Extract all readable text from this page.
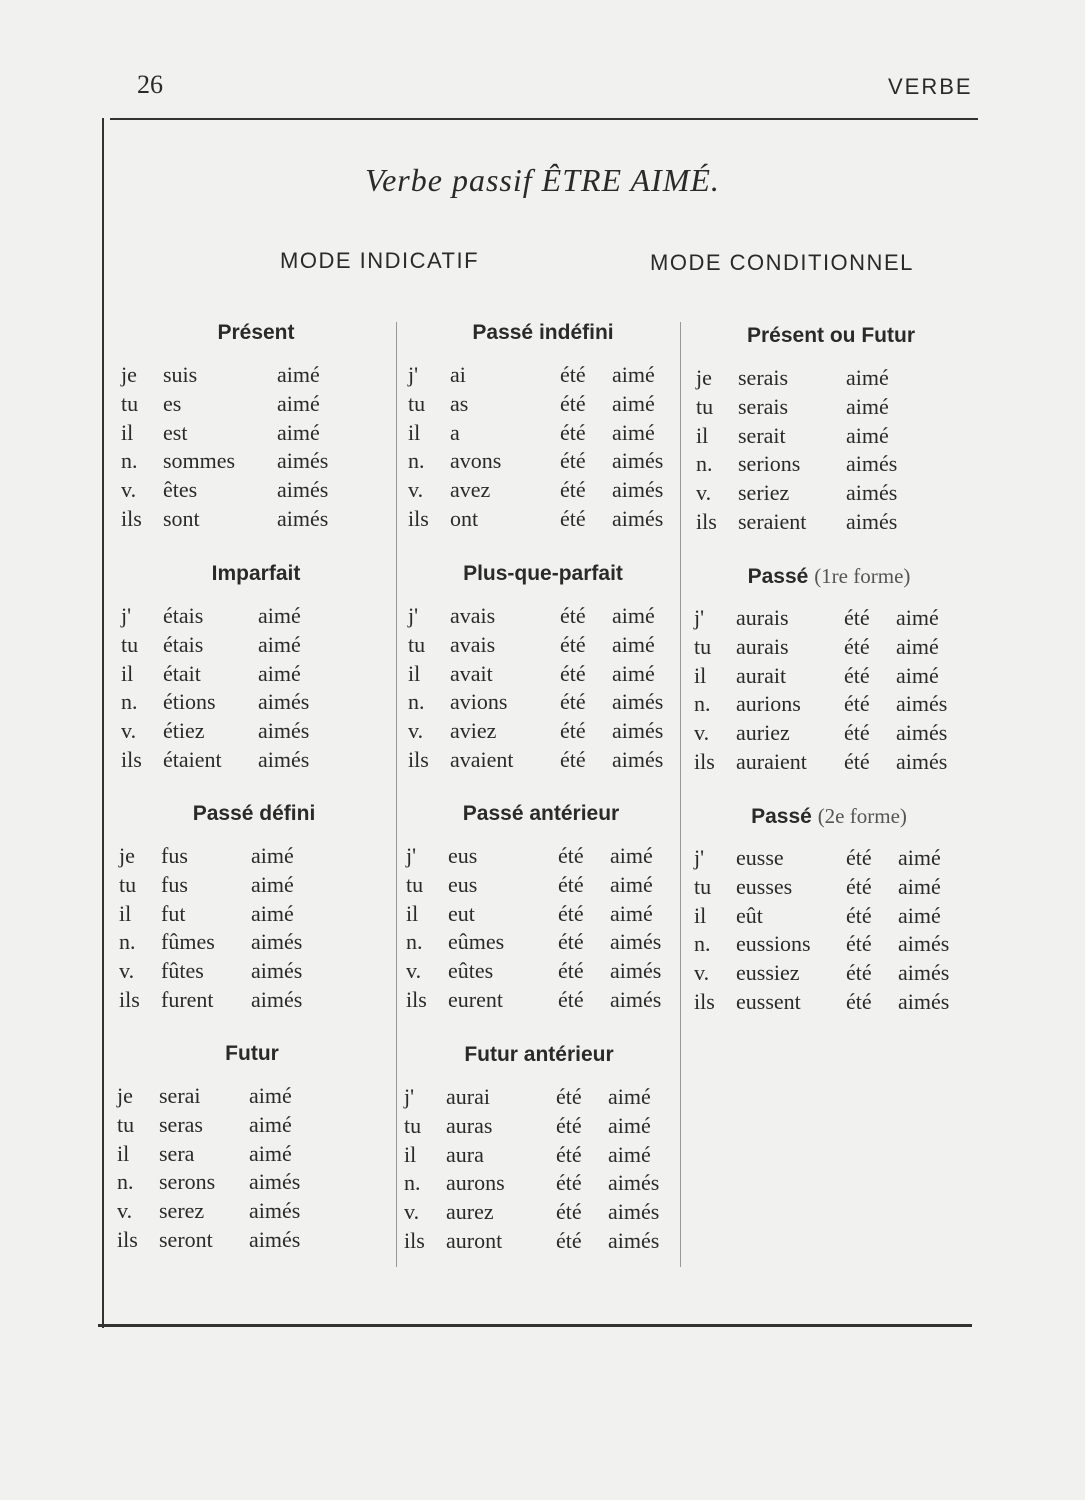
26	VERBE
Verbe passif ÊTRE AIMÉ.
MODE INDICATIF	MODE CONDITIONNEL
Présent
je	suis	aimé
tu	es	aimé
il	est	aimé
n.	sommes	aimés
v.	êtes	aimés
ils sont	aimés
Imparfait
j'	étais	aimé
tu	étais	aimé
il	était	aimé
n.	étions	aimés
v.	étiez	aimés
ils étaient	aimés
Passé défini
je	fus	aimé
tu	fus	aimé
il	fut	aimé
n.	fûmes	aimés
v.	fûtes	aimés
ils furent	aimés
Futur
je	serai	aimé
tu	seras	aimé
il	sera	aimé
n.	serons	aimés
v.	serez	aimés
ils seront	aimés
Passé indéfini
j'	ai	été	aimé
tu	as	été	aimé
il	a	été	aimé
n.	avons	été	aimés
v.	avez	été	aimés
ils ont	été	aimés
Plus-que-parfait
j'	avais	été	aimé
tu	avais	été	aimé
il	avait	été	aimé
n.	avions	été	aimés
v.	aviez	été	aimés
ils avaient	été	aimés
Passé antérieur
j'	eus	été	aimé
tu	eus	été	aimé
il	eut	été	aimé
n.	eûmes	été	aimés
v.	eûtes	été	aimés
ils eurent	été	aimés
Futur antérieur
j'	aurai	été	aimé
tu	auras	été	aimé
il	aura	été	aimé
n.	aurons	été	aimés
v.	aurez	été	aimés
ils auront	été	aimés
Présent ou Futur
je	serais	aimé
tu	serais	aimé
il	serait	aimé
n.	serions	aimés
v.	seriez	aimés
ils seraient	aimés
Passé (1re forme)
j'	aurais	été	aimé
tu	aurais	été	aimé
il	aurait	été	aimé
n.	aurions	été	aimés
v.	auriez	été	aimés
ils auraient	été	aimés
Passé (2e forme)
j'	eusse	été	aimé
tu	eusses	été	aimé
il	eût	été	aimé
n.	eussions	été	aimés
v.	eussiez	été	aimés
ils eussent	été	aimés
